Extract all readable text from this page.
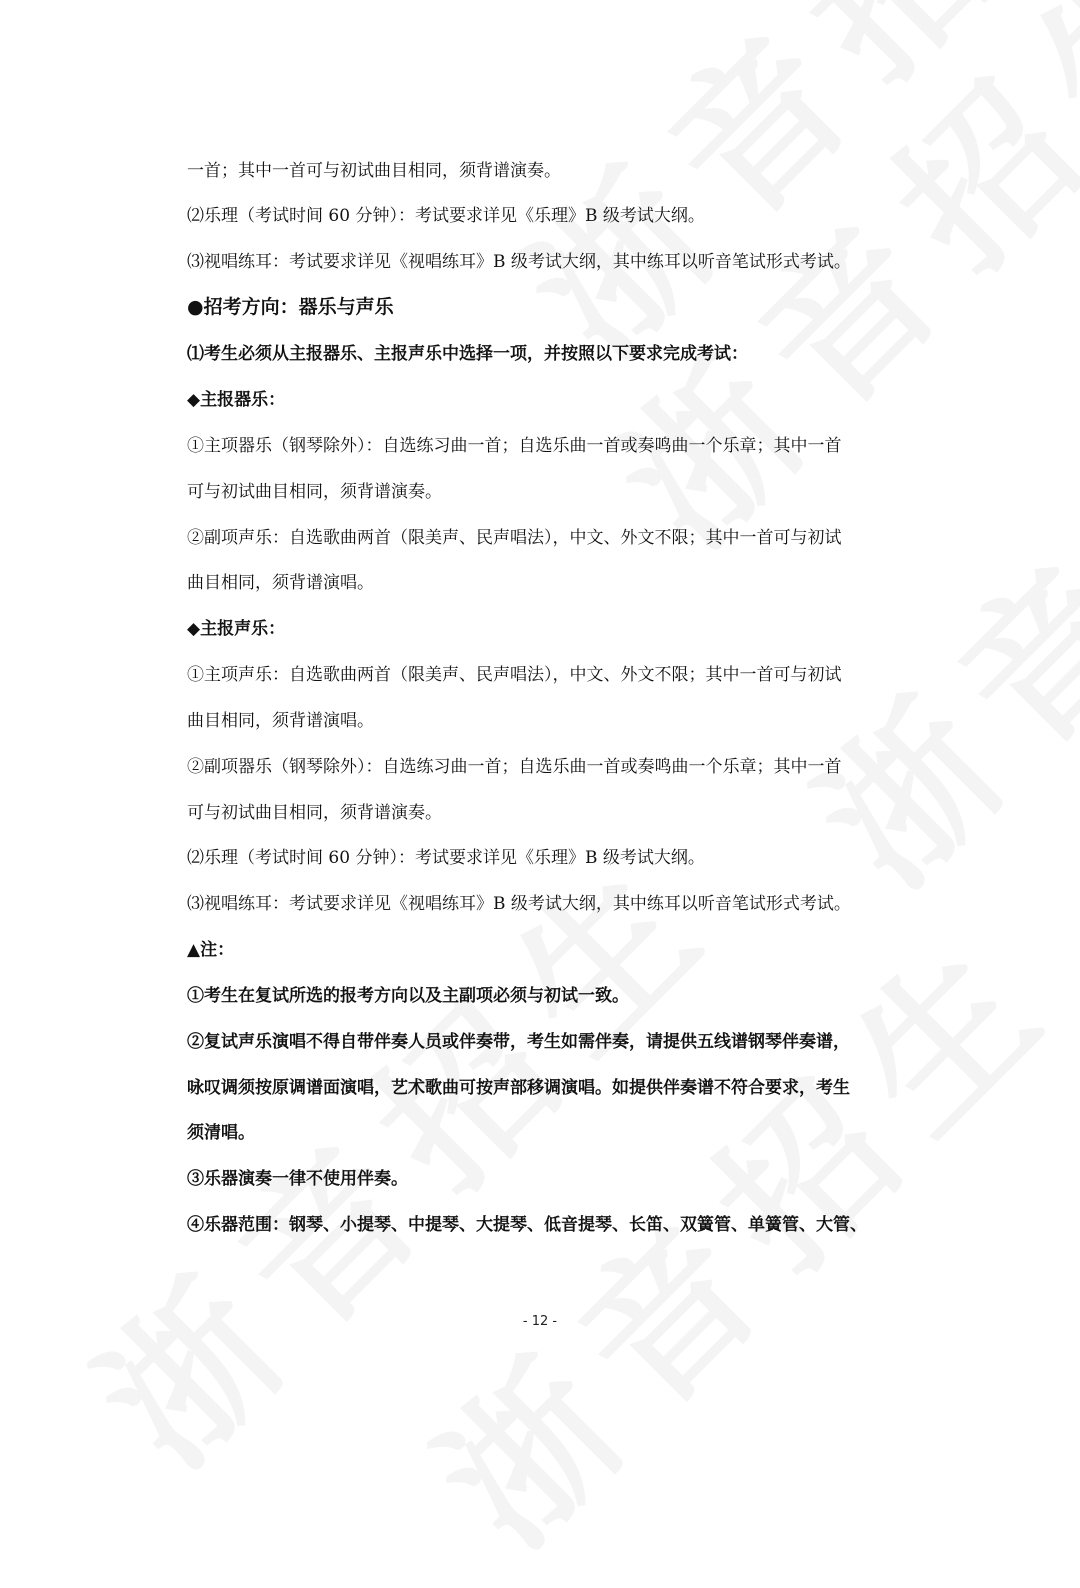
一首；其中一首可与初试曲目相同，须背谱演奏。
⑵乐理（考试时间 60 分钟）：考试要求详见《乐理》B 级考试大纲。
⑶视唱练耳：考试要求详见《视唱练耳》B 级考试大纲，其中练耳以听音笔试形式考试。
●招考方向：器乐与声乐
⑴考生必须从主报器乐、主报声乐中选择一项，并按照以下要求完成考试：
◆主报器乐：
①主项器乐（钢琴除外）：自选练习曲一首；自选乐曲一首或奏鸣曲一个乐章；其中一首
可与初试曲目相同，须背谱演奏。
②副项声乐：自选歌曲两首（限美声、民声唱法），中文、外文不限；其中一首可与初试
曲目相同，须背谱演唱。
◆主报声乐：
①主项声乐：自选歌曲两首（限美声、民声唱法），中文、外文不限；其中一首可与初试
曲目相同，须背谱演唱。
②副项器乐（钢琴除外）：自选练习曲一首；自选乐曲一首或奏鸣曲一个乐章；其中一首
可与初试曲目相同，须背谱演奏。
⑵乐理（考试时间 60 分钟）：考试要求详见《乐理》B 级考试大纲。
⑶视唱练耳：考试要求详见《视唱练耳》B 级考试大纲，其中练耳以听音笔试形式考试。
▲注：
①考生在复试所选的报考方向以及主副项必须与初试一致。
②复试声乐演唱不得自带伴奏人员或伴奏带，考生如需伴奏，请提供五线谱钢琴伴奏谱，
咏叹调须按原调谱面演唱，艺术歌曲可按声部移调演唱。如提供伴奏谱不符合要求，考生
须清唱。
③乐器演奏一律不使用伴奏。
④乐器范围：钢琴、小提琴、中提琴、大提琴、低音提琴、长笛、双簧管、单簧管、大管、
- 12 -
